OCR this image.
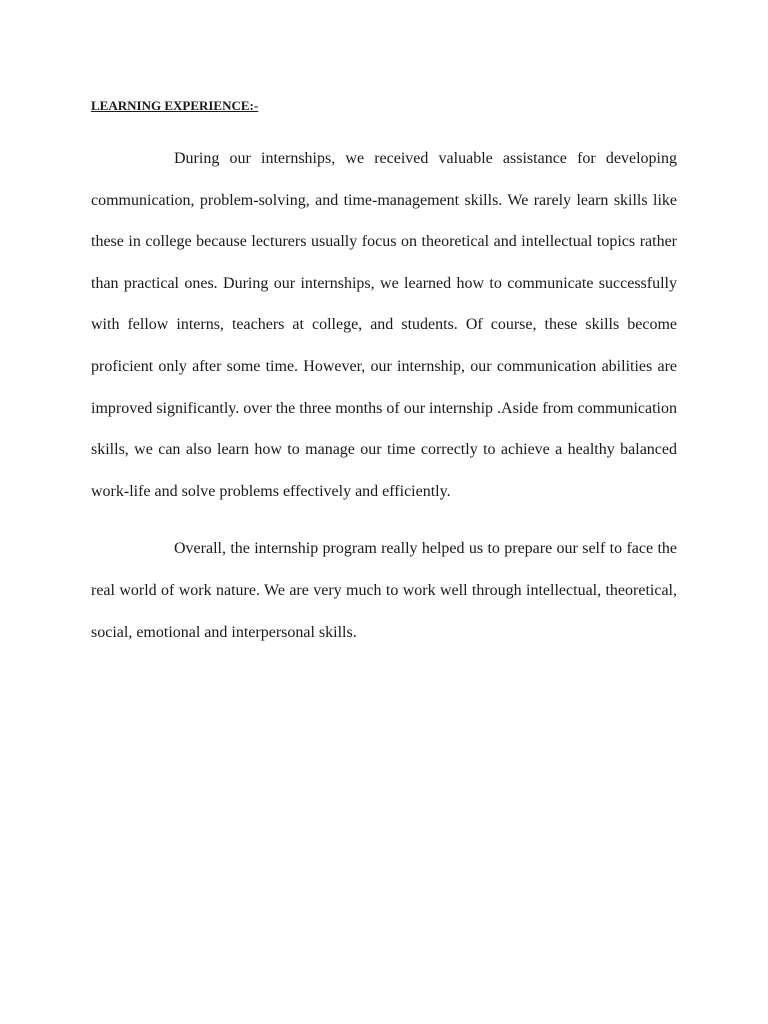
LEARNING EXPERIENCE:-

During our internships, we received valuable assistance for developing communication, problem-solving, and time-management skills. We rarely learn skills like these in college because lecturers usually focus on theoretical and intellectual topics rather than practical ones. During our internships, we learned how to communicate successfully with fellow interns, teachers at college, and students. Of course, these skills become proficient only after some time. However, our internship, our communication abilities are improved significantly. over the three months of our internship .Aside from communication skills, we can also learn how to manage our time correctly to achieve a healthy balanced work-life and solve problems effectively and efficiently.

Overall, the internship program really helped us to prepare our self to face the real world of work nature. We are very much to work well through intellectual, theoretical, social, emotional and interpersonal skills.
